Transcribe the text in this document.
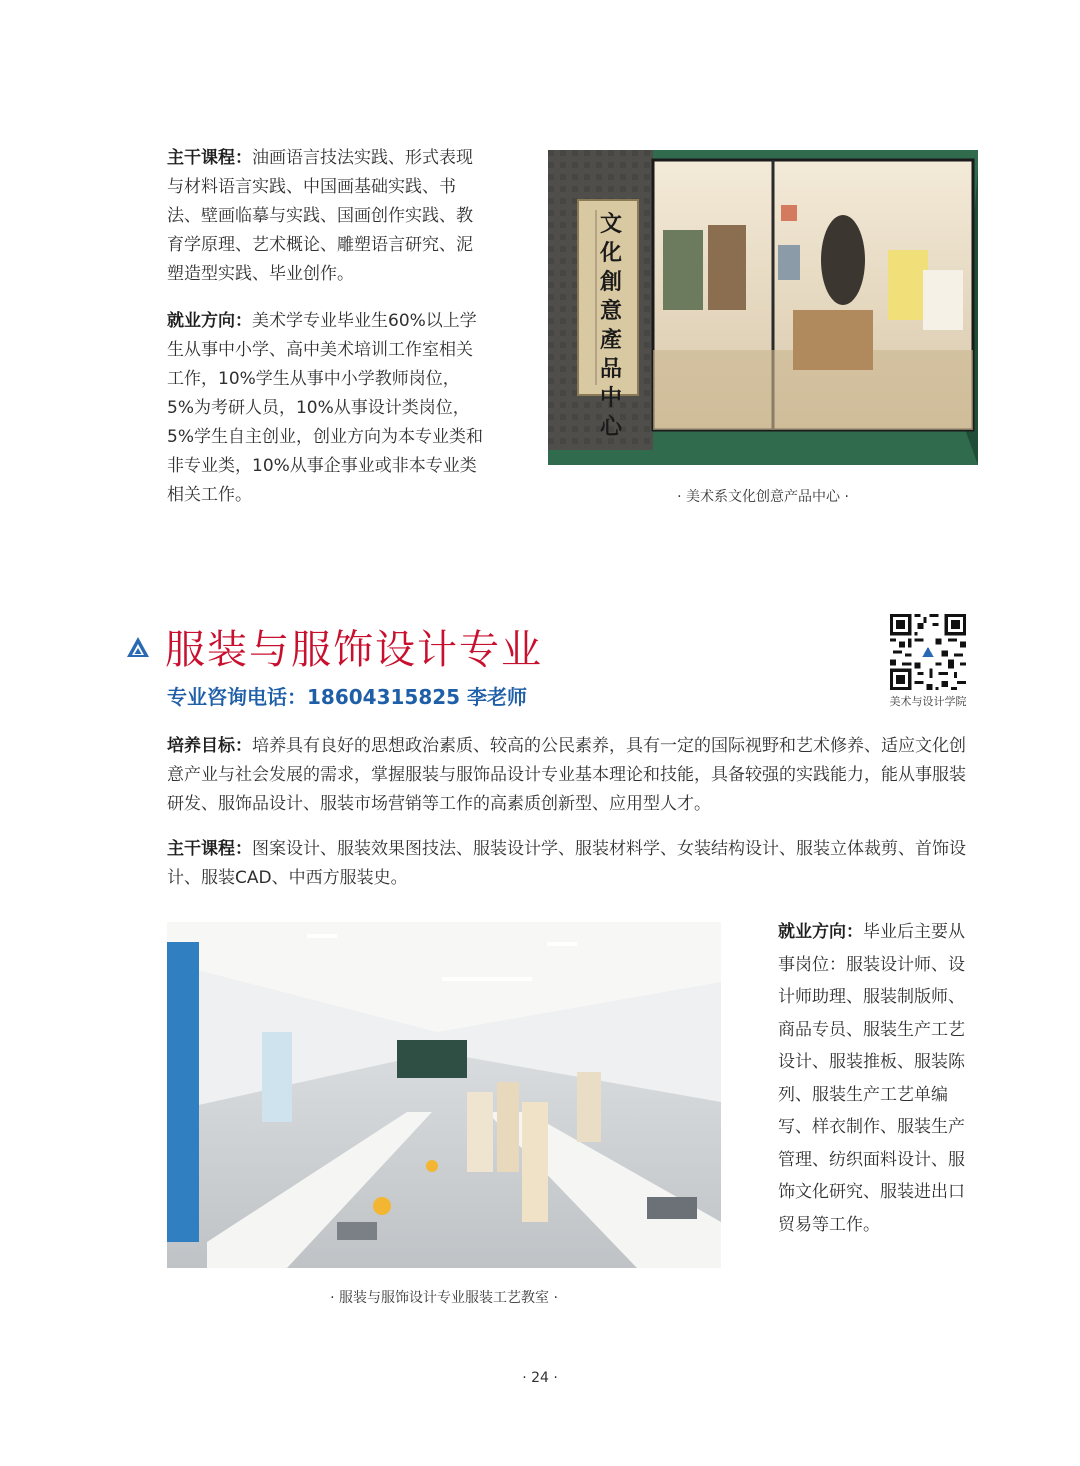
主干课程：油画语言技法实践、形式表现与材料语言实践、中国画基础实践、书法、壁画临摹与实践、国画创作实践、教育学原理、艺术概论、雕塑语言研究、泥塑造型实践、毕业创作。

就业方向：美术学专业毕业生60%以上学生从事中小学、高中美术培训工作室相关工作，10%学生从事中小学教师岗位，5%为考研人员，10%从事设计类岗位，5%学生自主创业，创业方向为本专业类和非专业类，10%从事企事业或非本专业类相关工作。

文化創意產品中心
· 美术系文化创意产品中心 ·
服装与服饰设计专业
专业咨询电话：18604315825 李老师	美术与设计学院

培养目标：培养具有良好的思想政治素质、较高的公民素养，具有一定的国际视野和艺术修养、适应文化创意产业与社会发展的需求，掌握服装与服饰品设计专业基本理论和技能，具备较强的实践能力，能从事服装研发、服饰品设计、服装市场营销等工作的高素质创新型、应用型人才。

主干课程：图案设计、服装效果图技法、服装设计学、服装材料学、女装结构设计、服装立体裁剪、首饰设计、服装CAD、中西方服装史。

· 服装与服饰设计专业服装工艺教室 ·

就业方向：毕业后主要从事岗位：服装设计师、设计师助理、服装制版师、商品专员、服装生产工艺设计、服装推板、服装陈列、服装生产工艺单编写、样衣制作、服装生产管理、纺织面料设计、服饰文化研究、服装进出口贸易等工作。

· 24 ·
